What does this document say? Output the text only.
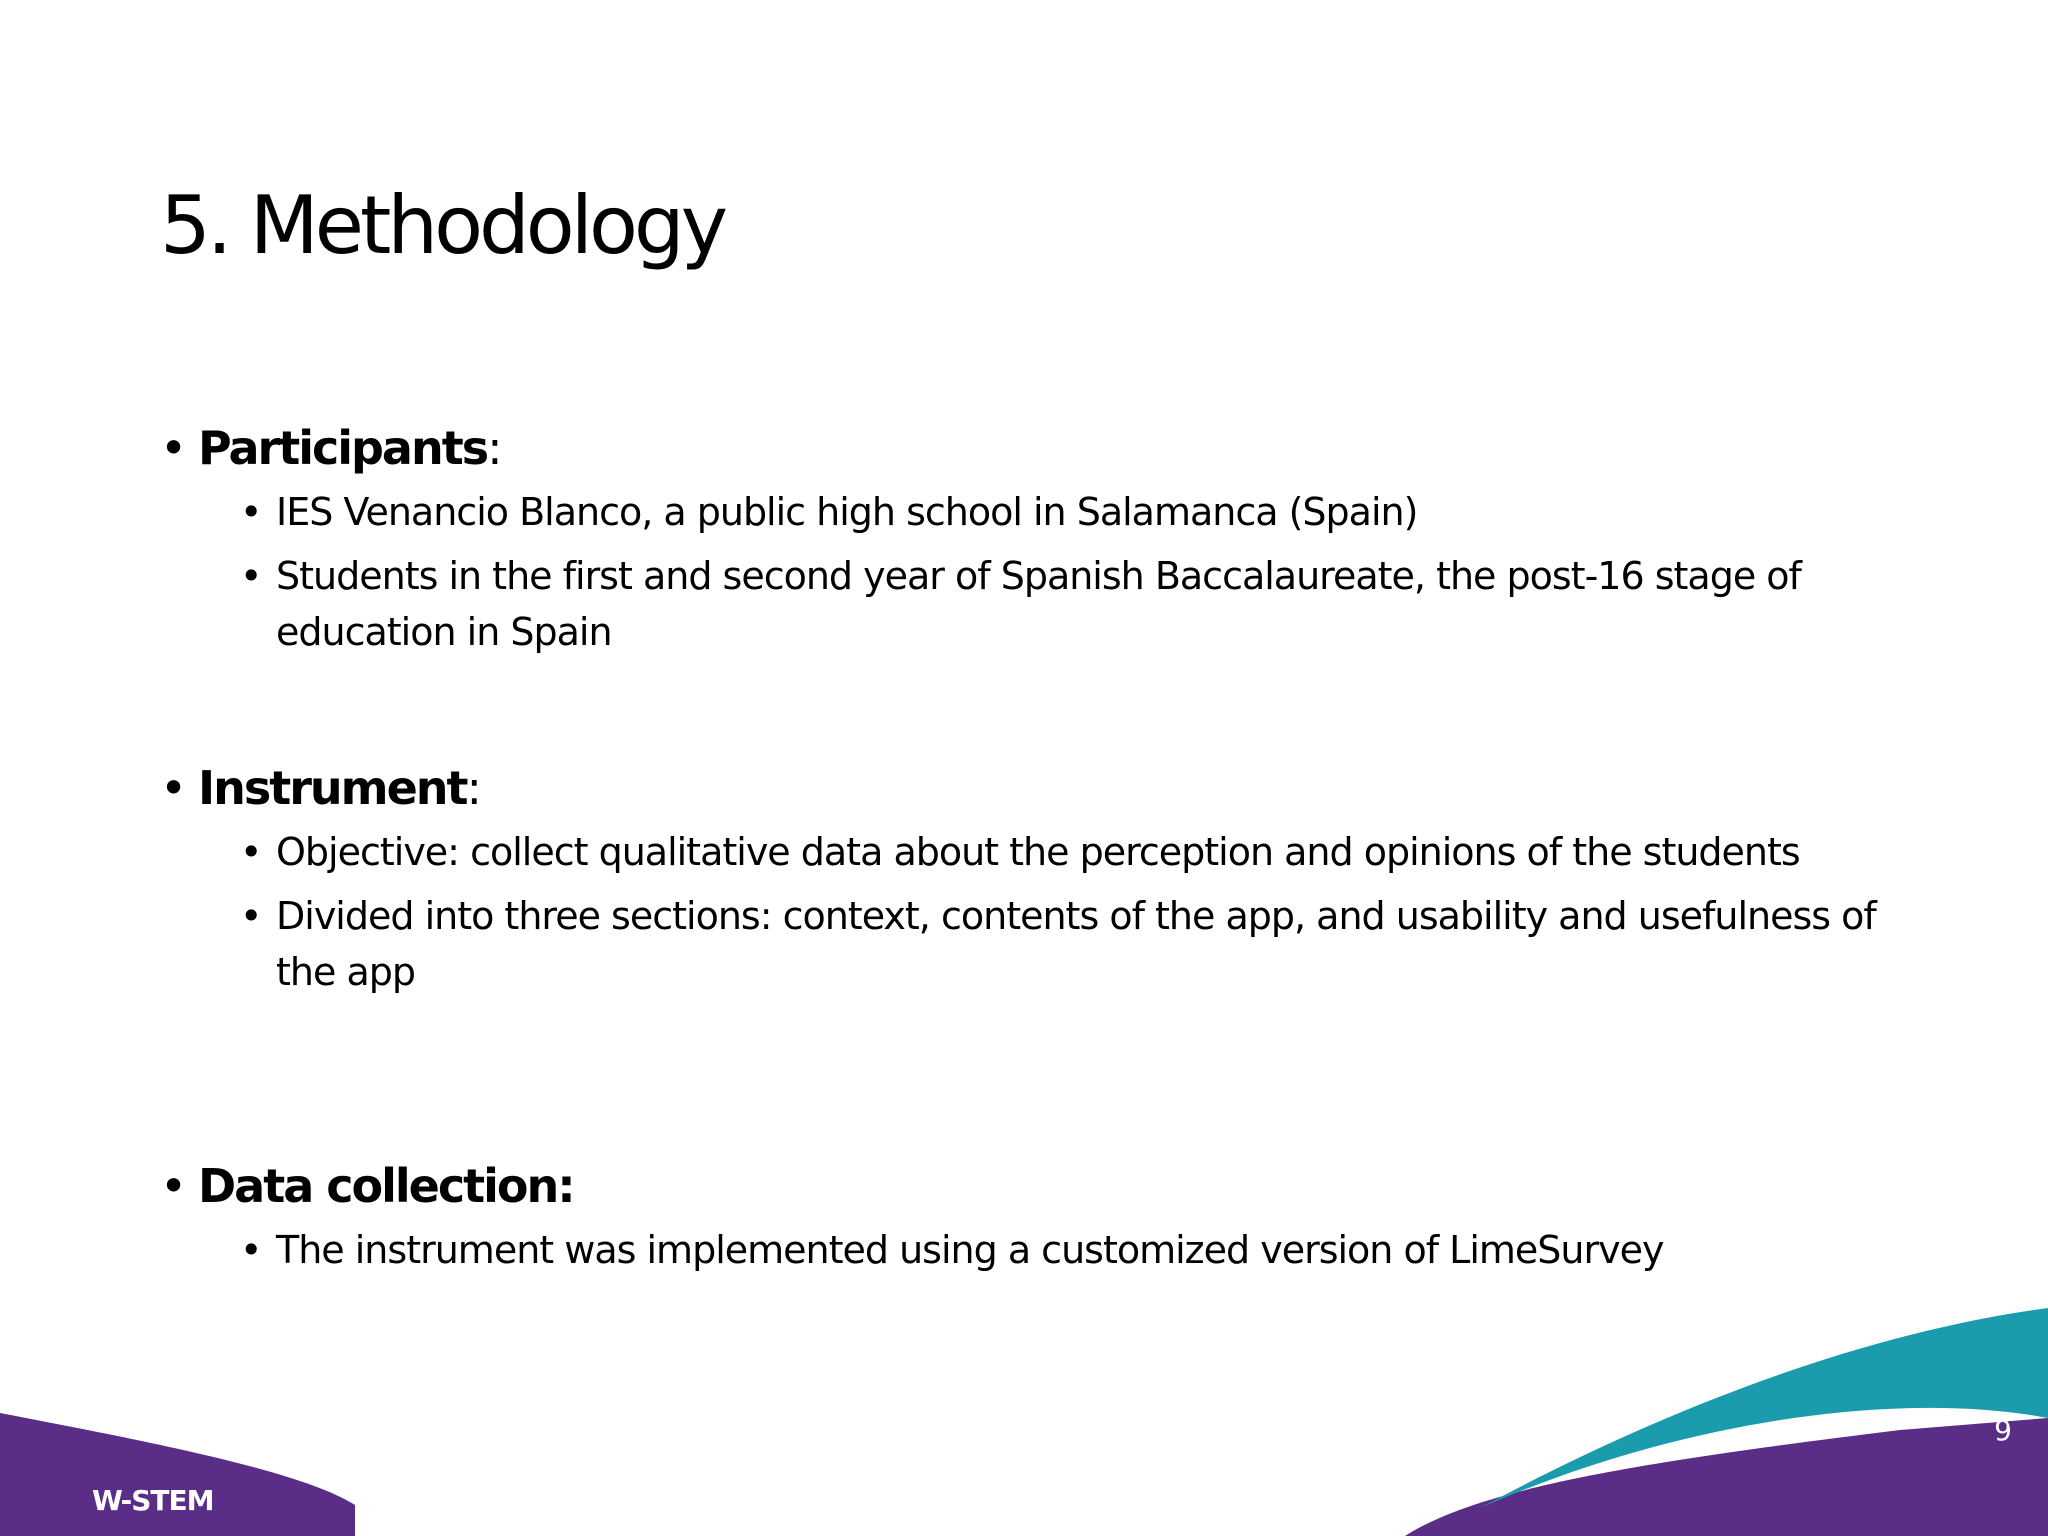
5. Methodology
• Participants :
• IES Venancio Blanco, a public high school in Salamanca (Spain)
• Students in the first and second year of Spanish Baccalaureate, the post-16 stage of education in Spain
• Instrument :
• Objective: collect qualitative data about the perception and opinions of the students
• Divided into three sections: context, contents of the app, and usability and usefulness of the app
• Data collection:
• The instrument was implemented using a customized version of LimeSurvey
9
W-STEM
